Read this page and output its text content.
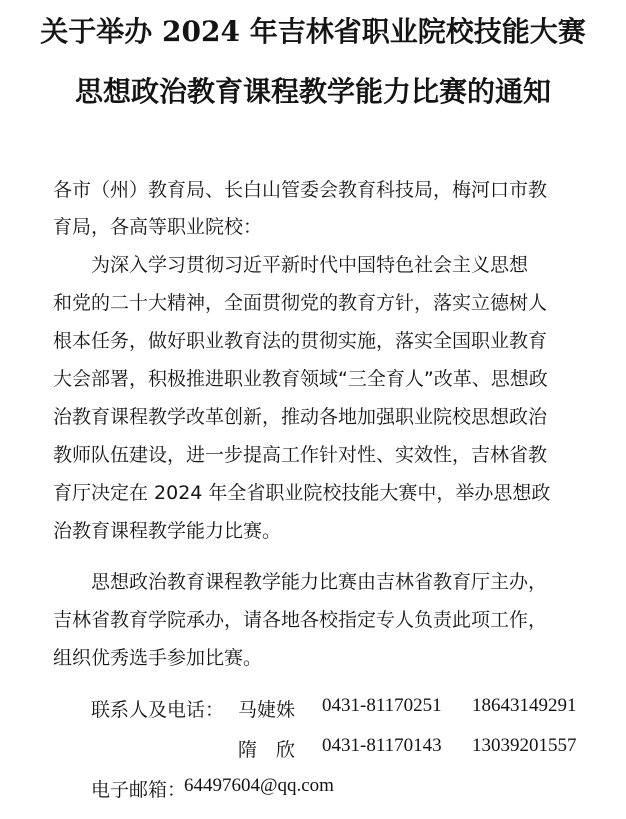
关于举办 2024 年吉林省职业院校技能大赛
思想政治教育课程教学能力比赛的通知
各市（州）教育局、长白山管委会教育科技局，梅河口市教
育局，各高等职业院校：
为深入学习贯彻习近平新时代中国特色社会主义思想
和党的二十大精神，全面贯彻党的教育方针，落实立德树人
根本任务，做好职业教育法的贯彻实施，落实全国职业教育
大会部署，积极推进职业教育领域“三全育人”改革、思想政
治教育课程教学改革创新，推动各地加强职业院校思想政治
教师队伍建设，进一步提高工作针对性、实效性，吉林省教
育厅决定在 2024 年全省职业院校技能大赛中，举办思想政
治教育课程教学能力比赛。
思想政治教育课程教学能力比赛由吉林省教育厅主办，
吉林省教育学院承办，请各地各校指定专人负责此项工作，
组织优秀选手参加比赛。
联系人及电话： 马婕姝 0431-81170251 18643149291
隋　欣 0431-81170143 13039201557
电子邮箱：
64497604@qq.com
